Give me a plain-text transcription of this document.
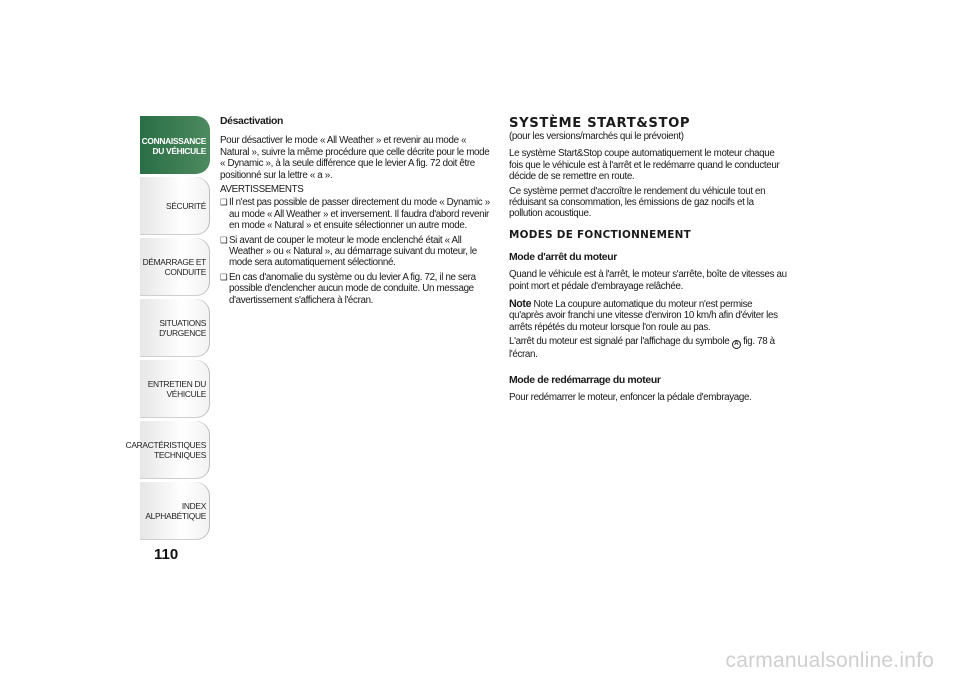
CONNAISSANCE
DU VÉHICULE
SÉCURITÉ
DÉMARRAGE ET
CONDUITE
SITUATIONS
D'URGENCE
ENTRETIEN DU
VÉHICULE
CARACTÉRISTIQUES
TECHNIQUES
INDEX
ALPHABÉTIQUE
110

Désactivation

Pour désactiver le mode « All Weather » et revenir au mode « Natural », suivre la même procédure que celle décrite pour le mode « Dynamic », à la seule différence que le levier A fig. 72 doit être positionné sur la lettre « a ».

AVERTISSEMENTS

❑ Il n'est pas possible de passer directement du mode « Dynamic » au mode « All Weather » et inversement. Il faudra d'abord revenir en mode « Natural » et ensuite sélectionner un autre mode.
❑ Si avant de couper le moteur le mode enclenché était « All Weather » ou « Natural », au démarrage suivant du moteur, le mode sera automatiquement sélectionné.
❑ En cas d'anomalie du système ou du levier A fig. 72, il ne sera possible d'enclencher aucun mode de conduite. Un message d'avertissement s'affichera à l'écran.
SYSTÈME START&STOP

(pour les versions/marchés qui le prévoient)

Le système Start&Stop coupe automatiquement le moteur chaque fois que le véhicule est à l'arrêt et le redémarre quand le conducteur décide de se remettre en route.

Ce système permet d'accroître le rendement du véhicule tout en réduisant sa consommation, les émissions de gaz nocifs et la pollution acoustique.

MODES DE FONCTIONNEMENT
Mode d'arrêt du moteur

Quand le véhicule est à l'arrêt, le moteur s'arrête, boîte de vitesses au point mort et pédale d'embrayage relâchée.

Note Note La coupure automatique du moteur n'est permise qu'après avoir franchi une vitesse d'environ 10 km/h afin d'éviter les arrêts répétés du moteur lorsque l'on roule au pas.

L'arrêt du moteur est signalé par l'affichage du symbole A fig. 78 à l'écran.

Mode de redémarrage du moteur

Pour redémarrer le moteur, enfoncer la pédale d'embrayage.

carmanualsonline.info
